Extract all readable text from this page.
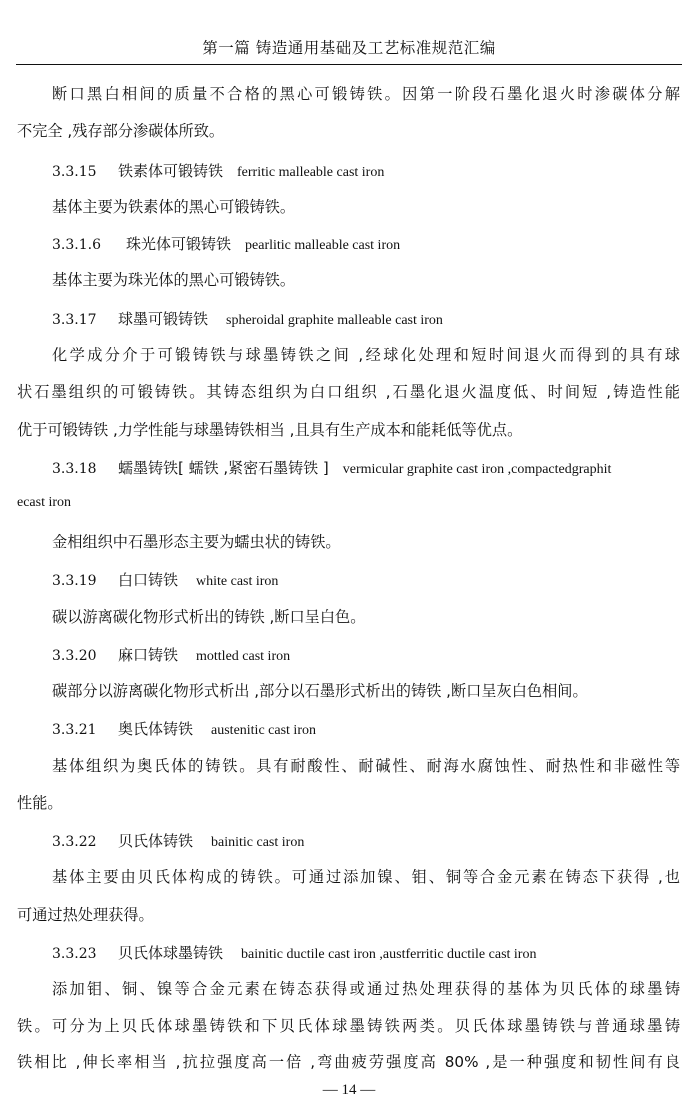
第一篇 铸造通用基础及工艺标准规范汇编
断口黑白相间的质量不合格的黑心可锻铸铁。因第一阶段石墨化退火时渗碳体分解
不完全 ,残存部分渗碳体所致。
3.3.15 铁素体可锻铸铁 ferritic malleable cast iron
基体主要为铁素体的黑心可锻铸铁。
3.3.1.6 珠光体可锻铸铁 pearlitic malleable cast iron
基体主要为珠光体的黑心可锻铸铁。
3.3.17 球墨可锻铸铁 spheroidal graphite malleable cast iron
化学成分介于可锻铸铁与球墨铸铁之间 ,经球化处理和短时间退火而得到的具有球
状石墨组织的可锻铸铁。其铸态组织为白口组织 ,石墨化退火温度低、时间短 ,铸造性能
优于可锻铸铁 ,力学性能与球墨铸铁相当 ,且具有生产成本和能耗低等优点。
3.3.18 蠕墨铸铁[ 蠕铁 ,紧密石墨铸铁 ] vermicular graphite cast iron ,compactedgraphit
ecast iron
金相组织中石墨形态主要为蠕虫状的铸铁。
3.3.19 白口铸铁 white cast iron
碳以游离碳化物形式析出的铸铁 ,断口呈白色。
3.3.20 麻口铸铁 mottled cast iron
碳部分以游离碳化物形式析出 ,部分以石墨形式析出的铸铁 ,断口呈灰白色相间。
3.3.21 奥氏体铸铁 austenitic cast iron
基体组织为奥氏体的铸铁。具有耐酸性、耐碱性、耐海水腐蚀性、耐热性和非磁性等
性能。
3.3.22 贝氏体铸铁 bainitic cast iron
基体主要由贝氏体构成的铸铁。可通过添加镍、钼、铜等合金元素在铸态下获得 ,也
可通过热处理获得。
3.3.23 贝氏体球墨铸铁 bainitic ductile cast iron ,austferritic ductile cast iron
添加钼、铜、镍等合金元素在铸态获得或通过热处理获得的基体为贝氏体的球墨铸
铁。可分为上贝氏体球墨铸铁和下贝氏体球墨铸铁两类。贝氏体球墨铸铁与普通球墨铸
铁相比 ,伸长率相当 ,抗拉强度高一倍 ,弯曲疲劳强度高 80% ,是一种强度和韧性间有良
— 14 —
